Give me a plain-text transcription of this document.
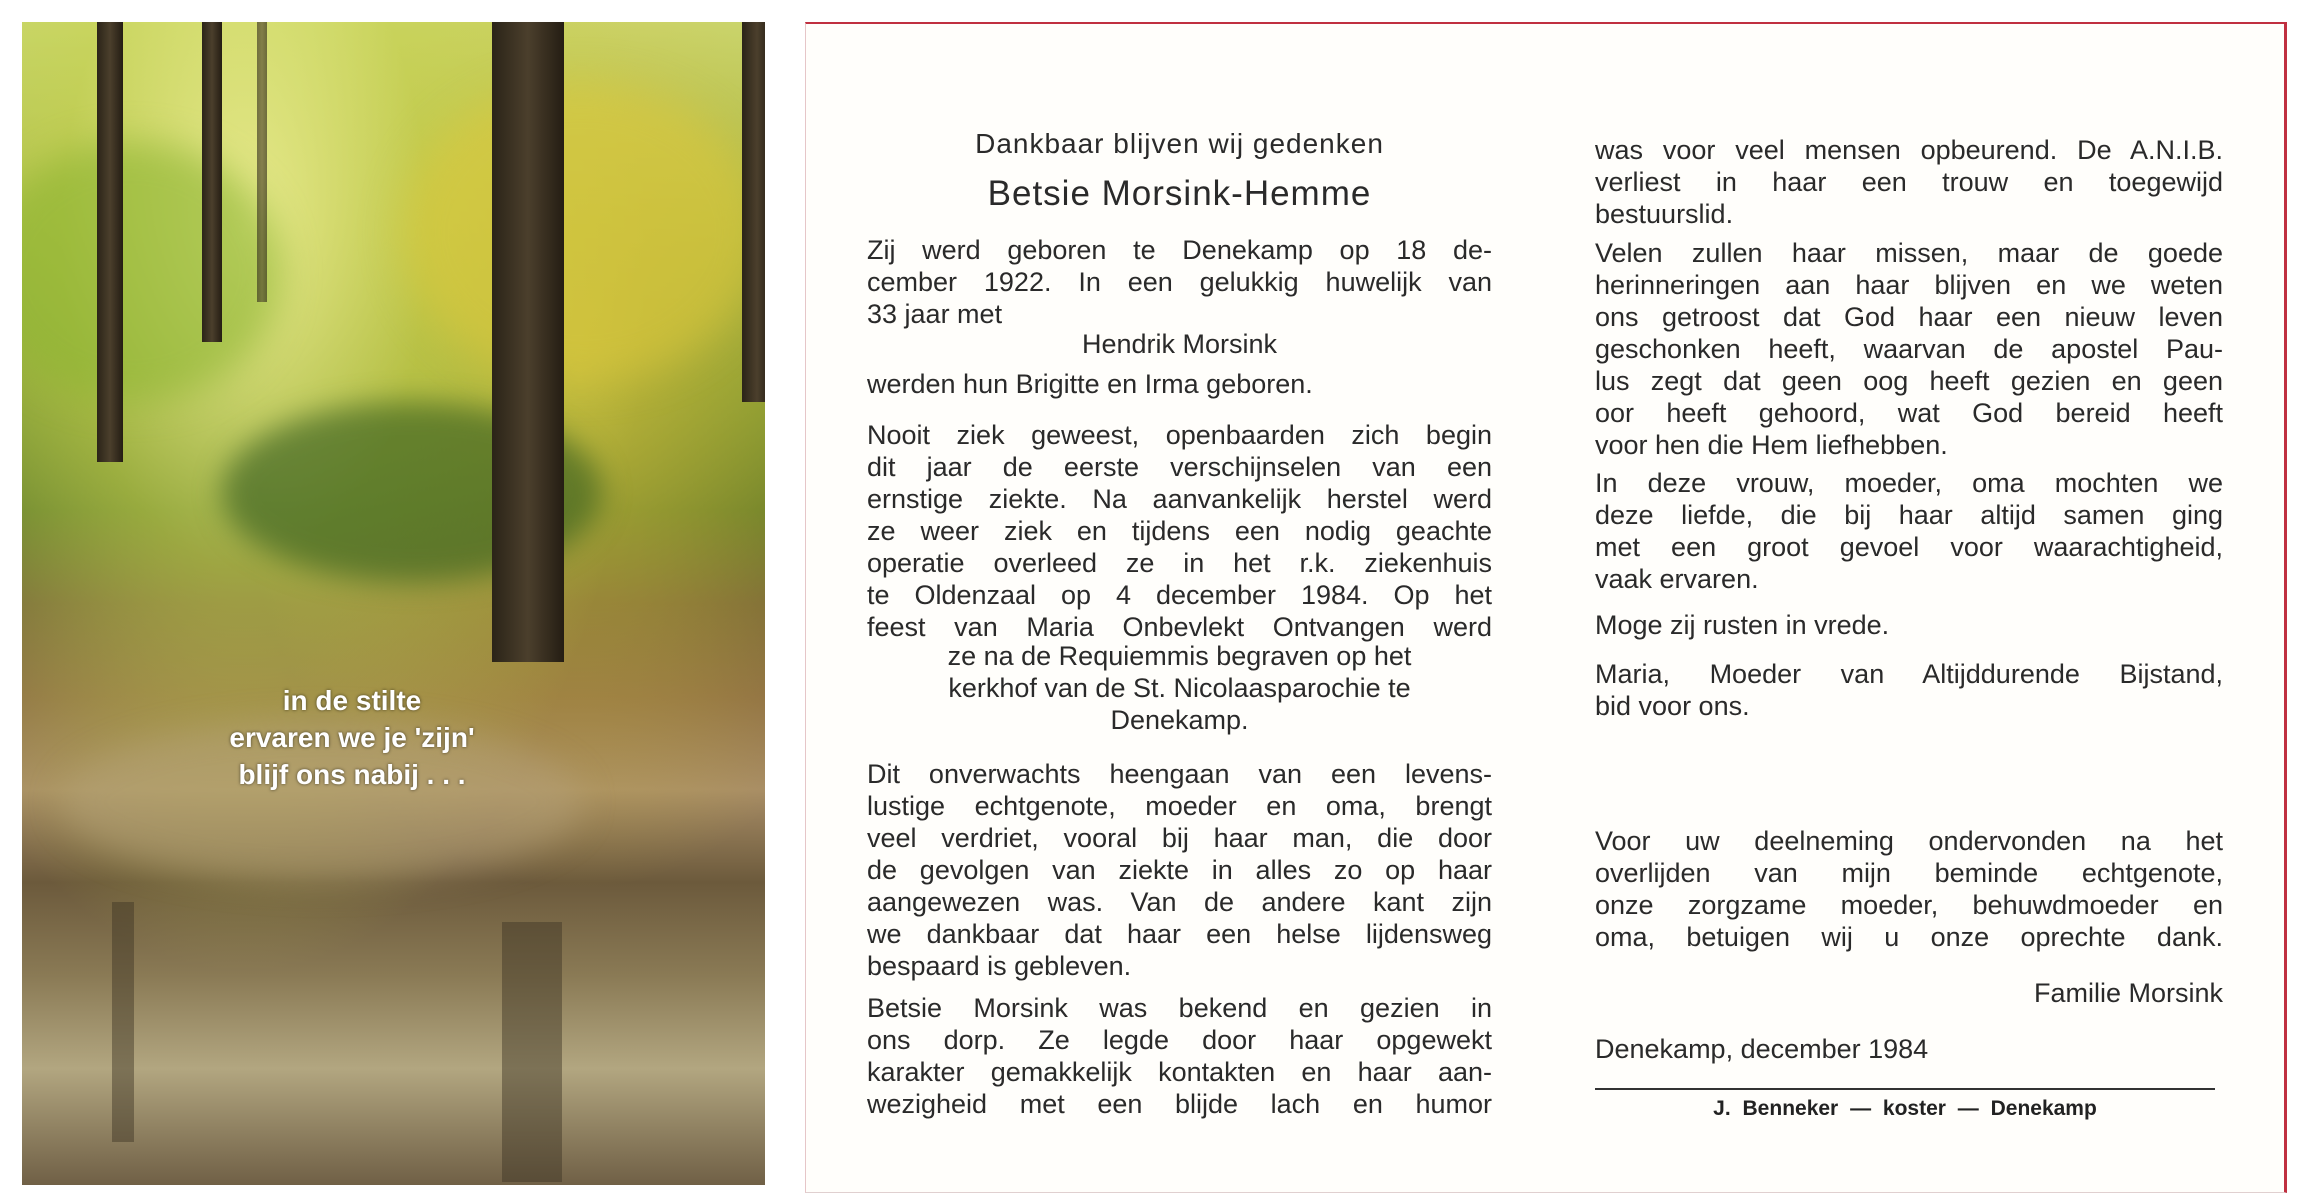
in de stilte
ervaren we je 'zijn'
blijf ons nabij . . .
Dankbaar blijven wij gedenken
Betsie Morsink-Hemme
Zij werd geboren te Denekamp op 18 de-
cember 1922. In een gelukkig huwelijk van
33 jaar met
Hendrik Morsink
werden hun Brigitte en Irma geboren.
Nooit ziek geweest, openbaarden zich begin
dit jaar de eerste verschijnselen van een
ernstige ziekte. Na aanvankelijk herstel werd
ze weer ziek en tijdens een nodig geachte
operatie overleed ze in het r.k. ziekenhuis
te Oldenzaal op 4 december 1984. Op het
feest van Maria Onbevlekt Ontvangen werd
ze na de Requiemmis begraven op het
kerkhof van de St. Nicolaasparochie te
Denekamp.
Dit onverwachts heengaan van een levens-
lustige echtgenote, moeder en oma, brengt
veel verdriet, vooral bij haar man, die door
de gevolgen van ziekte in alles zo op haar
aangewezen was. Van de andere kant zijn
we dankbaar dat haar een helse lijdensweg
bespaard is gebleven.
Betsie Morsink was bekend en gezien in
ons dorp. Ze legde door haar opgewekt
karakter gemakkelijk kontakten en haar aan-
wezigheid met een blijde lach en humor
was voor veel mensen opbeurend. De A.N.I.B.
verliest in haar een trouw en toegewijd
bestuurslid.
Velen zullen haar missen, maar de goede
herinneringen aan haar blijven en we weten
ons getroost dat God haar een nieuw leven
geschonken heeft, waarvan de apostel Pau-
lus zegt dat geen oog heeft gezien en geen
oor heeft gehoord, wat God bereid heeft
voor hen die Hem liefhebben.
In deze vrouw, moeder, oma mochten we
deze liefde, die bij haar altijd samen ging
met een groot gevoel voor waarachtigheid,
vaak ervaren.
Moge zij rusten in vrede.
Maria, Moeder van Altijddurende Bijstand,
bid voor ons.
Voor uw deelneming ondervonden na het
overlijden van mijn beminde echtgenote,
onze zorgzame moeder, behuwdmoeder en
oma, betuigen wij u onze oprechte dank.
Familie Morsink
Denekamp, december 1984
J. Benneker — koster — Denekamp
